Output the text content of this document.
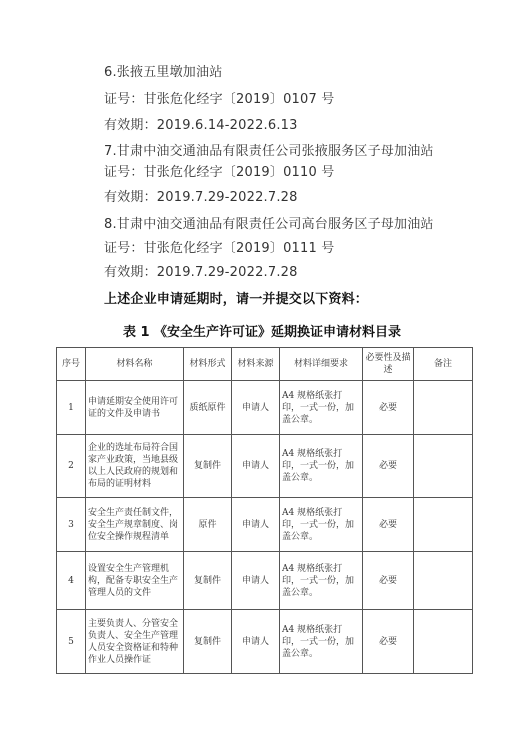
6.张掖五里墩加油站
证号：甘张危化经字〔2019〕0107 号
有效期：2019.6.14-2022.6.13
7.甘肃中油交通油品有限责任公司张掖服务区子母加油站
证号：甘张危化经字〔2019〕0110 号
有效期：2019.7.29-2022.7.28
8.甘肃中油交通油品有限责任公司高台服务区子母加油站
证号：甘张危化经字〔2019〕0111 号
有效期：2019.7.29-2022.7.28
上述企业申请延期时，请一并提交以下资料：
表 1 《安全生产许可证》延期换证申请材料目录
序号	材料名称	材料形式	材料来源	材料详细要求	必要性及描述	备注
1	申请延期安全使用许可证的文件及申请书	质纸原件	申请人	A4 规格纸张打印，一式一份，加盖公章。	必要	
2	企业的选址布局符合国家产业政策，当地县级以上人民政府的规划和布局的证明材料	复制件	申请人	A4 规格纸张打印，一式一份，加盖公章。	必要	
3	安全生产责任制文件，安全生产规章制度、岗位安全操作规程清单	原件	申请人	A4 规格纸张打印，一式一份，加盖公章。	必要	
4	设置安全生产管理机构，配备专职安全生产管理人员的文件	复制件	申请人	A4 规格纸张打印，一式一份，加盖公章。	必要	
5	主要负责人、分管安全负责人、安全生产管理人员安全资格证和特种作业人员操作证	复制件	申请人	A4 规格纸张打印，一式一份，加盖公章。	必要	
